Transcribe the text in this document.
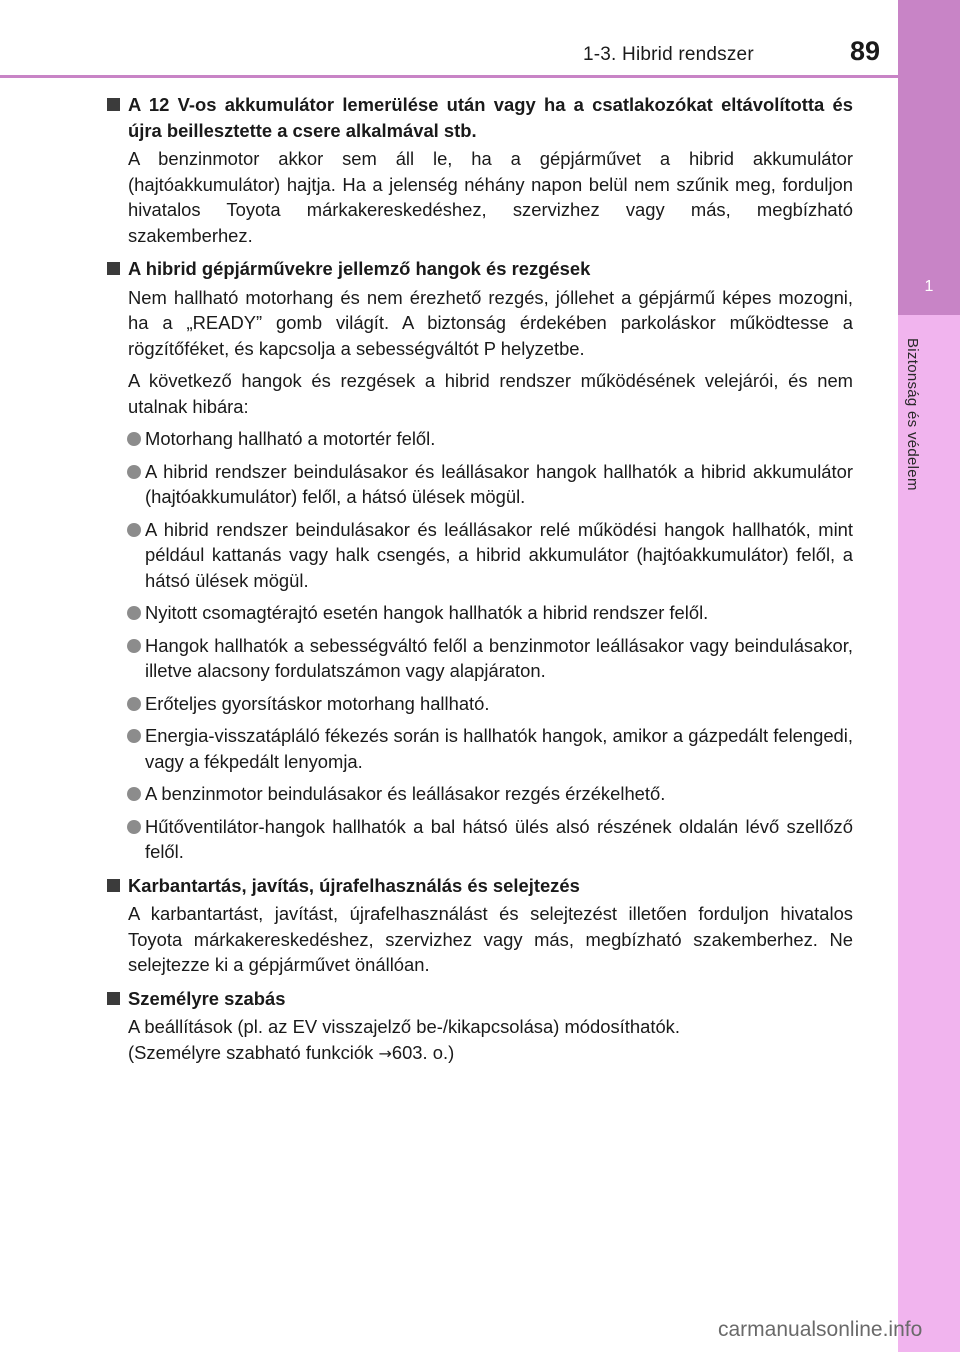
1-3. Hibrid rendszer	89
1
Biztonság és védelem
A 12 V-os akkumulátor lemerülése után vagy ha a csatlakozókat eltávolította és újra beillesztette a csere alkalmával stb.
A benzinmotor akkor sem áll le, ha a gépjárművet a hibrid akkumulátor (hajtóakkumulátor) hajtja. Ha a jelenség néhány napon belül nem szűnik meg, forduljon hivatalos Toyota márkakereskedéshez, szervizhez vagy más, megbízható szakemberhez.
A hibrid gépjárművekre jellemző hangok és rezgések
Nem hallható motorhang és nem érezhető rezgés, jóllehet a gépjármű képes mozogni, ha a „READY” gomb világít. A biztonság érdekében parkoláskor működtesse a rögzítőféket, és kapcsolja a sebességváltót P helyzetbe.
A következő hangok és rezgések a hibrid rendszer működésének velejárói, és nem utalnak hibára:
Motorhang hallható a motortér felől.
A hibrid rendszer beindulásakor és leállásakor hangok hallhatók a hibrid akkumulátor (hajtóakkumulátor) felől, a hátsó ülések mögül.
A hibrid rendszer beindulásakor és leállásakor relé működési hangok hallhatók, mint például kattanás vagy halk csengés, a hibrid akkumulátor (hajtóakkumulátor) felől, a hátsó ülések mögül.
Nyitott csomagtérajtó esetén hangok hallhatók a hibrid rendszer felől.
Hangok hallhatók a sebességváltó felől a benzinmotor leállásakor vagy beindulásakor, illetve alacsony fordulatszámon vagy alapjáraton.
Erőteljes gyorsításkor motorhang hallható.
Energia-visszatápláló fékezés során is hallhatók hangok, amikor a gázpedált felengedi, vagy a fékpedált lenyomja.
A benzinmotor beindulásakor és leállásakor rezgés érzékelhető.
Hűtőventilátor-hangok hallhatók a bal hátsó ülés alsó részének oldalán lévő szellőző felől.
Karbantartás, javítás, újrafelhasználás és selejtezés
A karbantartást, javítást, újrafelhasználást és selejtezést illetően forduljon hivatalos Toyota márkakereskedéshez, szervizhez vagy más, megbízható szakemberhez. Ne selejtezze ki a gépjárművet önállóan.
Személyre szabás
A beállítások (pl. az EV visszajelző be-/kikapcsolása) módosíthatók.
(Személyre szabható funkciók →603. o.)
carmanualsonline.info
